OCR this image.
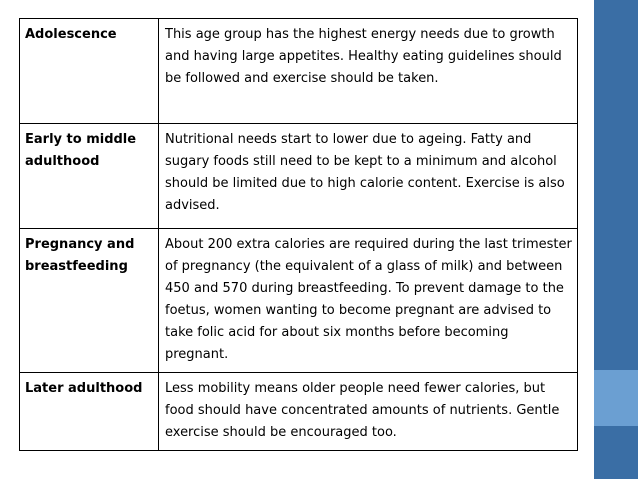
Adolescence	This age group has the highest energy needs due to growth and having large appetites. Healthy eating guidelines should be followed and exercise should be taken.
Early to middle adulthood	Nutritional needs start to lower due to ageing. Fatty and sugary foods still need to be kept to a minimum and alcohol should be limited due to high calorie content. Exercise is also advised.
Pregnancy and breastfeeding	About 200 extra calories are required during the last trimester of pregnancy (the equivalent of a glass of milk) and between 450 and 570 during breastfeeding. To prevent damage to the foetus, women wanting to become pregnant are advised to take folic acid for about six months before becoming pregnant.
Later adulthood	Less mobility means older people need fewer calories, but food should have concentrated amounts of nutrients. Gentle exercise should be encouraged too.
